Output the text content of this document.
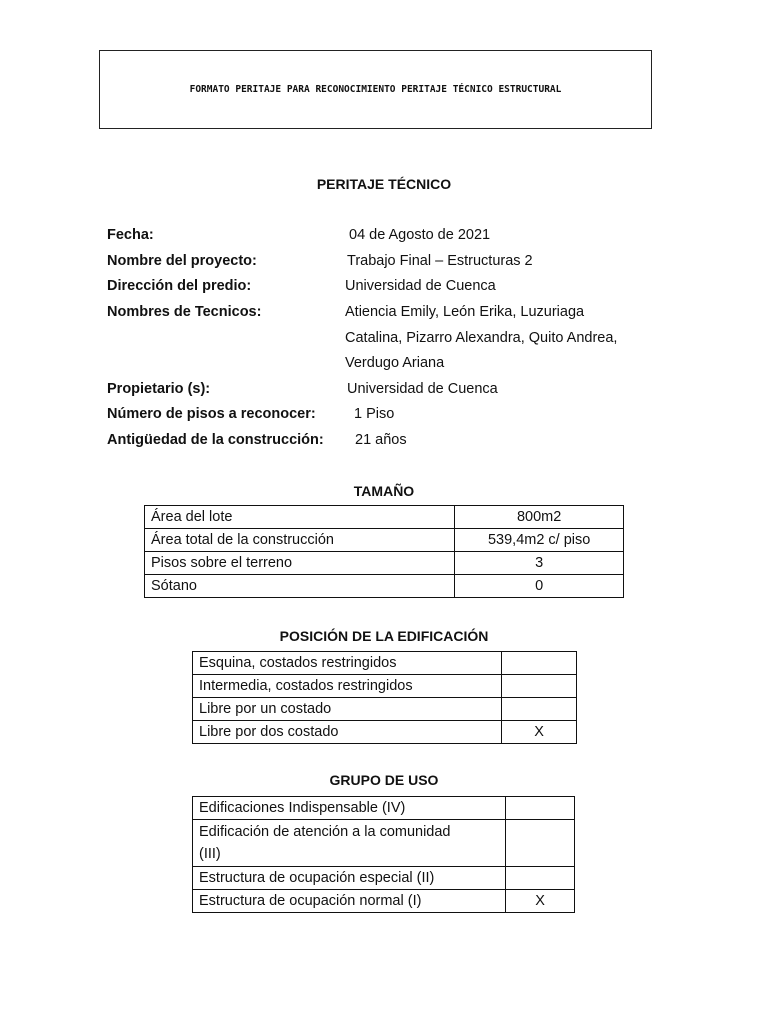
FORMATO PERITAJE PARA RECONOCIMIENTO PERITAJE TÉCNICO ESTRUCTURAL
PERITAJE TÉCNICO
Fecha:	04 de Agosto de 2021
Nombre del proyecto:	Trabajo Final – Estructuras 2
Dirección del predio:	Universidad de Cuenca
Nombres de Tecnicos:	Atiencia Emily, León Erika, Luzuriaga
Catalina, Pizarro Alexandra, Quito Andrea,
Verdugo Ariana
Propietario (s):	Universidad de Cuenca
Número de pisos a reconocer:	1 Piso
Antigüedad de la construcción: 21 años
TAMAÑO
Área del lote	800m2
Área total de la construcción	539,4m2 c/ piso
Pisos sobre el terreno	3
Sótano	0
POSICIÓN DE LA EDIFICACIÓN
Esquina, costados restringidos	
Intermedia, costados restringidos	
Libre por un costado	
Libre por dos costado	X
GRUPO DE USO
Edificaciones Indispensable (IV)	

Edificación de atención a la comunidad
(III)	

Estructura de ocupación especial (II)	
Estructura de ocupación normal (I)	X
